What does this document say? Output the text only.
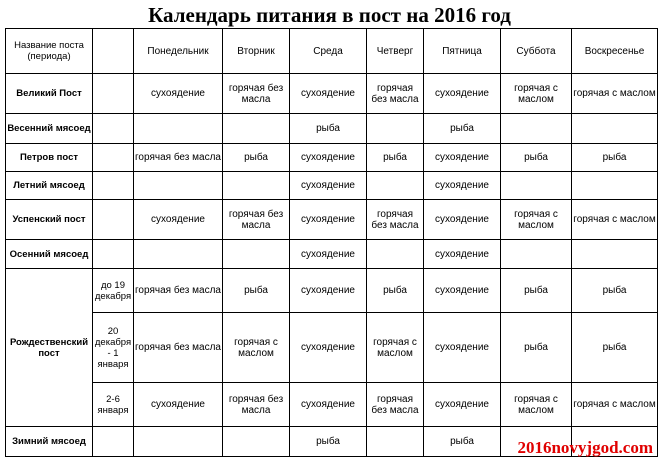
Календарь питания в пост на 2016 год
Название поста (периода)		Понедельник	Вторник	Среда	Четверг	Пятница	Суббота	Воскресенье
Великий Пост		сухоядение	горячая без масла	сухоядение	горячая без масла	сухоядение	горячая с маслом	горячая с маслом
Весенний мясоед				рыба		рыба		
Петров пост		горячая без масла	рыба	сухоядение	рыба	сухоядение	рыба	рыба
Летний мясоед				сухоядение		сухоядение		
Успенский пост		сухоядение	горячая без масла	сухоядение	горячая без масла	сухоядение	горячая с маслом	горячая с маслом
Осенний мясоед				сухоядение		сухоядение		
Рождественский пост	до 19 декабря	горячая без масла	рыба	сухоядение	рыба	сухоядение	рыба	рыба
	20 декабря - 1 января	горячая без масла	горячая с маслом	сухоядение	горячая с маслом	сухоядение	рыба	рыба
	2-6 января	сухоядение	горячая без масла	сухоядение	горячая без масла	сухоядение	горячая с маслом	горячая с маслом
Зимний мясоед				рыба		рыба			2016novyjgod.com
